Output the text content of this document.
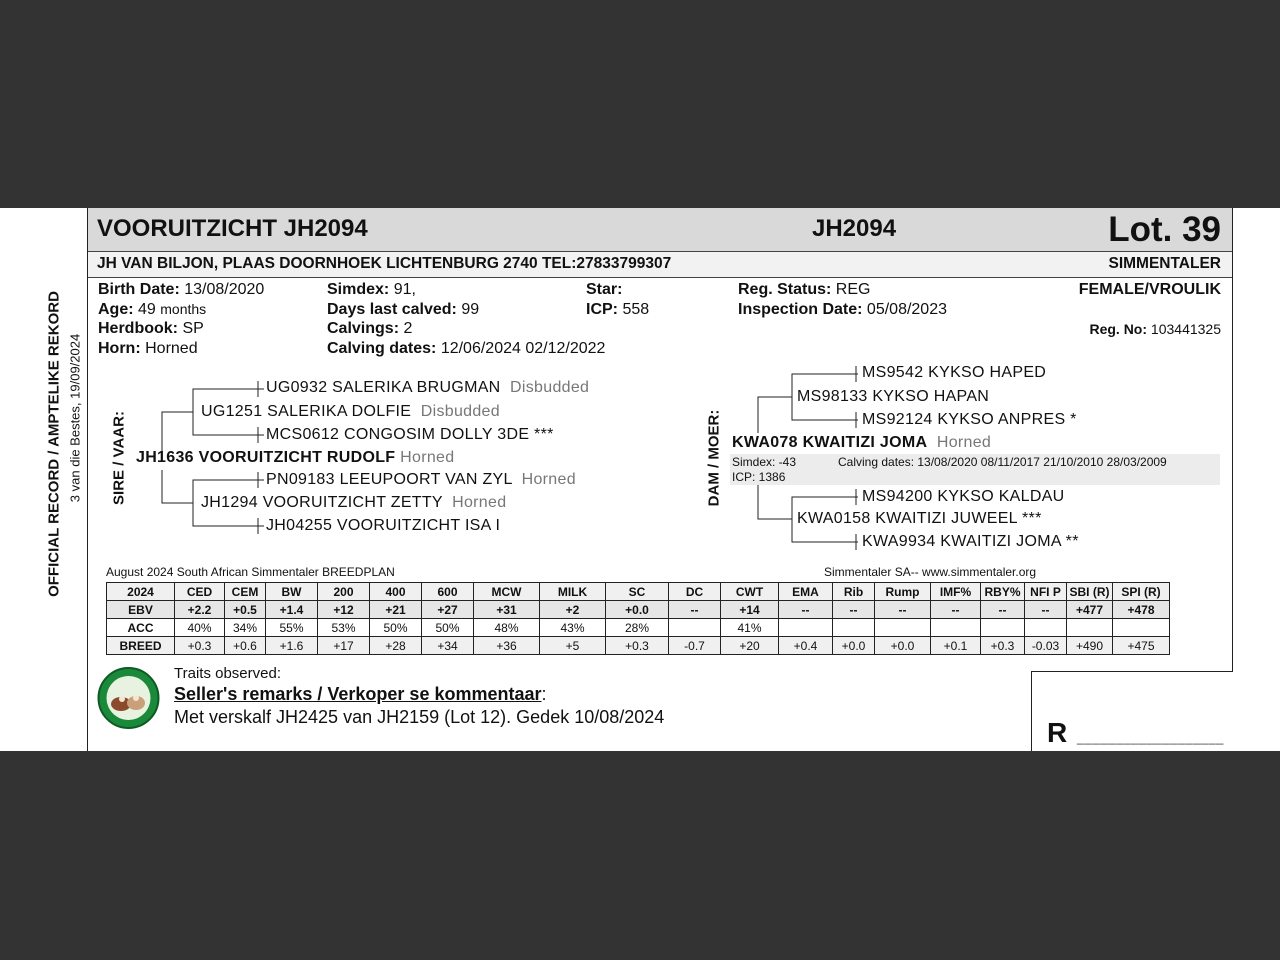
VOORUITZICHT JH2094	JH2094	Lot. 39
JH VAN BILJON, PLAAS DOORNHOEK LICHTENBURG 2740 TEL:27833799307	SIMMENTALER
Birth Date: 13/08/2020
Age: 49 months
Herdbook: SP
Horn: Horned
Simdex: 91,
Days last calved: 99
Calvings: 2
Calving dates: 12/06/2024 02/12/2022
Star:
ICP: 558
Reg. Status: REG
Inspection Date: 05/08/2023
FEMALE/VROULIK
Reg. No: 103441325
OFFICIAL RECORD / AMPTELIKE REKORD 3 van die Bestes, 19/09/2024 SIRE / VAAR:	DAM / MOER:
UG0932 SALERIKA BRUGMAN Disbudded
UG1251 SALERIKA DOLFIE Disbudded
MCS0612 CONGOSIM DOLLY 3DE ***
JH1636 VOORUITZICHT RUDOLF Horned
PN09183 LEEUPOORT VAN ZYL Horned
JH1294 VOORUITZICHT ZETTY Horned
JH04255 VOORUITZICHT ISA I
MS9542 KYKSO HAPED
MS98133 KYKSO HAPAN
MS92124 KYKSO ANPRES *
KWA078 KWAITIZI JOMA Horned
Simdex: -43	Calving dates: 13/08/2020 08/11/2017 21/10/2010 28/03/2009
ICP: 1386
MS94200 KYKSO KALDAU
KWA0158 KWAITIZI JUWEEL ***
KWA9934 KWAITIZI JOMA **
August 2024 South African Simmentaler BREEDPLAN	Simmentaler SA-- www.simmentaler.org
2024	CED	CEM	BW	200	400	600	MCW	MILK	SC	DC	CWT	EMA	Rib	Rump	IMF%	RBY%	NFI P	SBI (R)	SPI (R)
EBV	+2.2	+0.5	+1.4	+12	+21	+27	+31	+2	+0.0	--	+14	--	--	--	--	--	--	+477	+478
ACC	40%	34%	55%	53%	50%	50%	48%	43%	28%		41%								
BREED	+0.3	+0.6	+1.6	+17	+28	+34	+36	+5	+0.3	-0.7	+20	+0.4	+0.0	+0.0	+0.1	+0.3	-0.03	+490	+475
Traits observed:
Seller's remarks / Verkoper se kommentaar:
Met verskalf JH2425 van JH2159 (Lot 12). Gedek 10/08/2024	R ___________________
